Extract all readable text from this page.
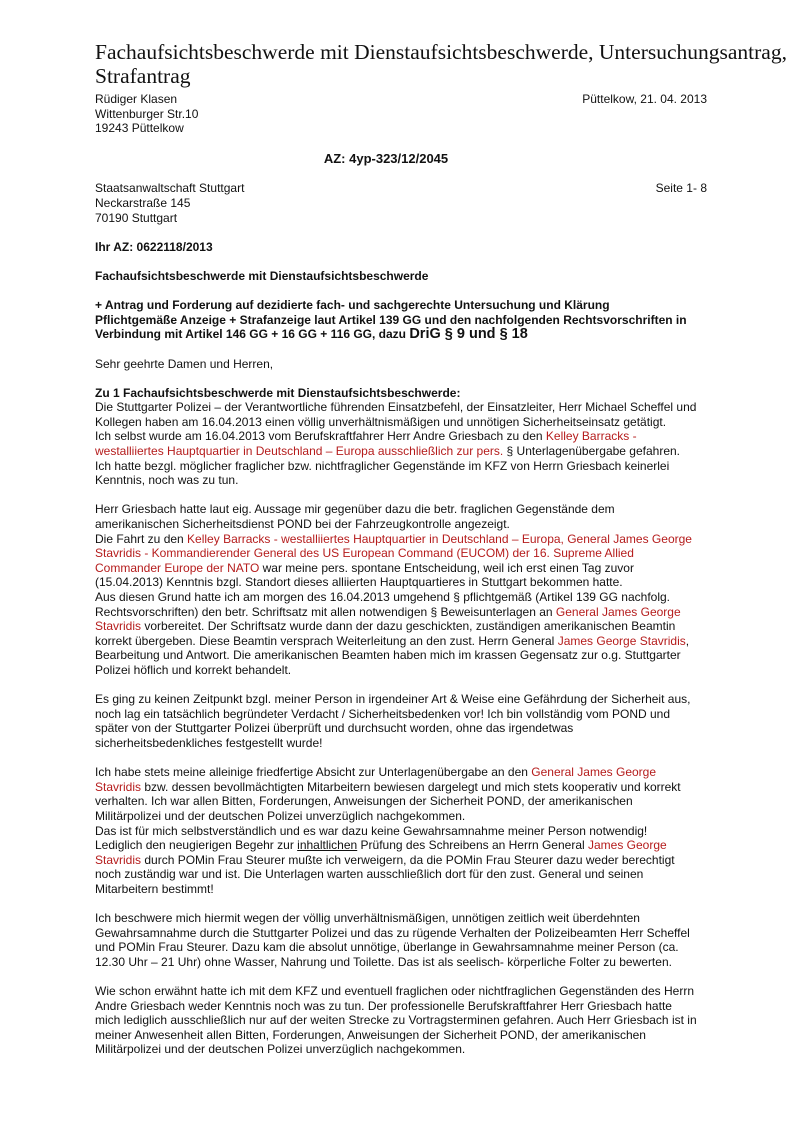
Fachaufsichtsbeschwerde mit Dienstaufsichtsbeschwerde, Untersuchungsantrag,
Strafantrag
Rüdiger Klasen
Wittenburger Str.10
19243 Püttelkow
Püttelkow, 21. 04. 2013
AZ: 4yp-323/12/2045
Staatsanwaltschaft Stuttgart
Neckarstraße 145
70190 Stuttgart
Seite 1- 8

Ihr AZ: 0622118/2013

Fachaufsichtsbeschwerde mit Dienstaufsichtsbeschwerde

+ Antrag und Forderung auf dezidierte fach- und sachgerechte Untersuchung und Klärung
Pflichtgemäße Anzeige + Strafanzeige laut Artikel 139 GG und den nachfolgenden Rechtsvorschriften in
Verbindung mit Artikel 146 GG + 16 GG + 116 GG, dazu DriG § 9 und § 18

Sehr geehrte Damen und Herren,

Zu 1 Fachaufsichtsbeschwerde mit Dienstaufsichtsbeschwerde:

Die Stuttgarter Polizei – der Verantwortliche führenden Einsatzbefehl, der Einsatzleiter, Herr Michael Scheffel und
Kollegen haben am 16.04.2013 einen völlig unverhältnismäßigen und unnötigen Sicherheitseinsatz getätigt.
Ich selbst wurde am 16.04.2013 vom Berufskraftfahrer Herr Andre Griesbach zu den Kelley Barracks -
westalliiertes Hauptquartier in Deutschland – Europa ausschließlich zur pers. § Unterlagenübergabe gefahren.
Ich hatte bezgl. möglicher fraglicher bzw. nichtfraglicher Gegenstände im KFZ von Herrn Griesbach keinerlei
Kenntnis, noch was zu tun.
Herr Griesbach hatte laut eig. Aussage mir gegenüber dazu die betr. fraglichen Gegenstände dem
amerikanischen Sicherheitsdienst POND bei der Fahrzeugkontrolle angezeigt.
Die Fahrt zu den Kelley Barracks - westalliiertes Hauptquartier in Deutschland – Europa, General James George
Stavridis - Kommandierender General des US European Command (EUCOM) der 16. Supreme Allied
Commander Europe der NATO war meine pers. spontane Entscheidung, weil ich erst einen Tag zuvor
(15.04.2013) Kenntnis bzgl. Standort dieses alliierten Hauptquartieres in Stuttgart bekommen hatte.
Aus diesen Grund hatte ich am morgen des 16.04.2013 umgehend § pflichtgemäß (Artikel 139 GG nachfolg.
Rechtsvorschriften) den betr. Schriftsatz mit allen notwendigen § Beweisunterlagen an General James George
Stavridis vorbereitet. Der Schriftsatz wurde dann der dazu geschickten, zuständigen amerikanischen Beamtin
korrekt übergeben. Diese Beamtin versprach Weiterleitung an den zust. Herrn General James George Stavridis,
Bearbeitung und Antwort. Die amerikanischen Beamten haben mich im krassen Gegensatz zur o.g. Stuttgarter
Polizei höflich und korrekt behandelt.
Es ging zu keinen Zeitpunkt bzgl. meiner Person in irgendeiner Art & Weise eine Gefährdung der Sicherheit aus,
noch lag ein tatsächlich begründeter Verdacht / Sicherheitsbedenken vor! Ich bin vollständig vom POND und
später von der Stuttgarter Polizei überprüft und durchsucht worden, ohne das irgendetwas
sicherheitsbedenkliches festgestellt wurde!
Ich habe stets meine alleinige friedfertige Absicht zur Unterlagenübergabe an den General James George
Stavridis bzw. dessen bevollmächtigten Mitarbeitern bewiesen dargelegt und mich stets kooperativ und korrekt
verhalten. Ich war allen Bitten, Forderungen, Anweisungen der Sicherheit POND, der amerikanischen
Militärpolizei und der deutschen Polizei unverzüglich nachgekommen.
Das ist für mich selbstverständlich und es war dazu keine Gewahrsamnahme meiner Person notwendig!
Lediglich den neugierigen Begehr zur inhaltlichen Prüfung des Schreibens an Herrn General James George
Stavridis durch POMin Frau Steurer mußte ich verweigern, da die POMin Frau Steurer dazu weder berechtigt
noch zuständig war und ist. Die Unterlagen warten ausschließlich dort für den zust. General und seinen
Mitarbeitern bestimmt!
Ich beschwere mich hiermit wegen der völlig unverhältnismäßigen, unnötigen zeitlich weit überdehnten
Gewahrsamnahme durch die Stuttgarter Polizei und das zu rügende Verhalten der Polizeibeamten Herr Scheffel
und POMin Frau Steurer. Dazu kam die absolut unnötige, überlange in Gewahrsamnahme meiner Person (ca.
12.30 Uhr – 21 Uhr) ohne Wasser, Nahrung und Toilette. Das ist als seelisch- körperliche Folter zu bewerten.
Wie schon erwähnt hatte ich mit dem KFZ und eventuell fraglichen oder nichtfraglichen Gegenständen des Herrn
Andre Griesbach weder Kenntnis noch was zu tun. Der professionelle Berufskraftfahrer Herr Griesbach hatte
mich lediglich ausschließlich nur auf der weiten Strecke zu Vortragsterminen gefahren. Auch Herr Griesbach ist in
meiner Anwesenheit allen Bitten, Forderungen, Anweisungen der Sicherheit POND, der amerikanischen
Militärpolizei und der deutschen Polizei unverzüglich nachgekommen.
